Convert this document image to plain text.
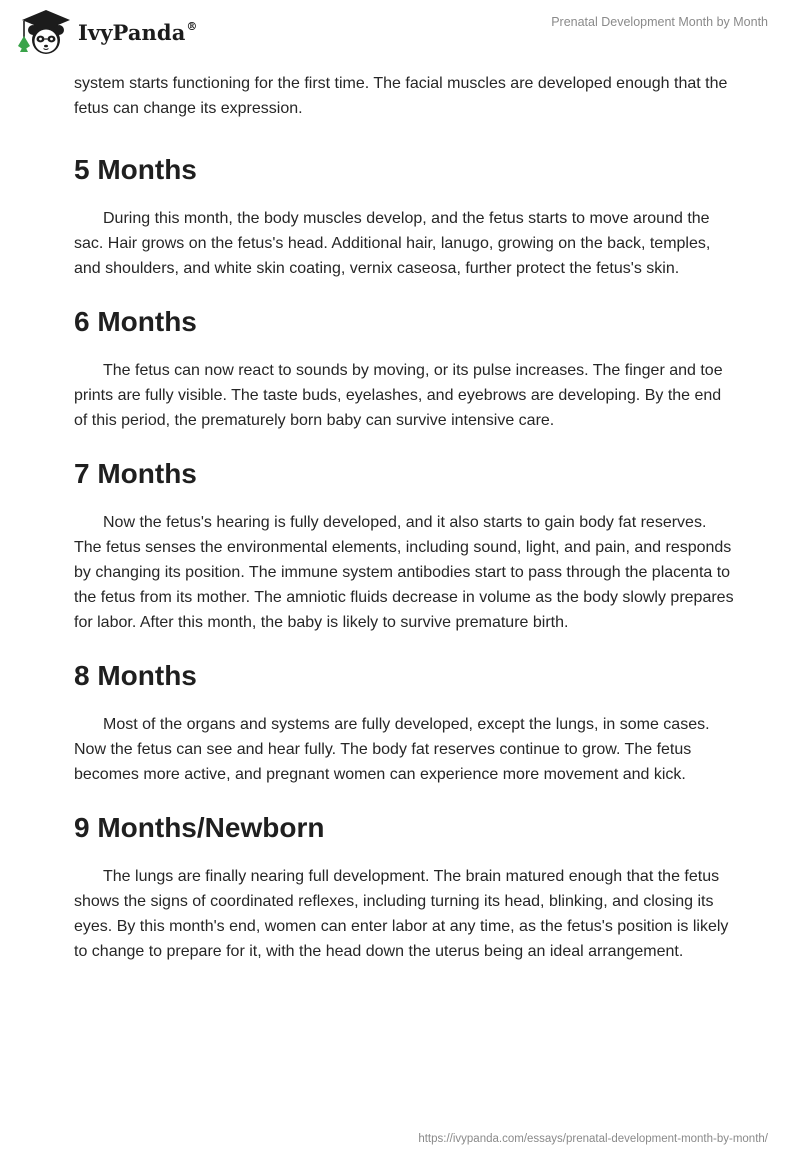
IvyPanda®	Prenatal Development Month by Month

system starts functioning for the first time. The facial muscles are developed enough that the fetus can change its expression.

5 Months

During this month, the body muscles develop, and the fetus starts to move around the sac. Hair grows on the fetus's head. Additional hair, lanugo, growing on the back, temples, and shoulders, and white skin coating, vernix caseosa, further protect the fetus's skin.

6 Months

The fetus can now react to sounds by moving, or its pulse increases. The finger and toe prints are fully visible. The taste buds, eyelashes, and eyebrows are developing. By the end of this period, the prematurely born baby can survive intensive care.

7 Months

Now the fetus's hearing is fully developed, and it also starts to gain body fat reserves. The fetus senses the environmental elements, including sound, light, and pain, and responds by changing its position. The immune system antibodies start to pass through the placenta to the fetus from its mother. The amniotic fluids decrease in volume as the body slowly prepares for labor. After this month, the baby is likely to survive premature birth.

8 Months

Most of the organs and systems are fully developed, except the lungs, in some cases. Now the fetus can see and hear fully. The body fat reserves continue to grow. The fetus becomes more active, and pregnant women can experience more movement and kick.

9 Months/Newborn

The lungs are finally nearing full development. The brain matured enough that the fetus shows the signs of coordinated reflexes, including turning its head, blinking, and closing its eyes. By this month's end, women can enter labor at any time, as the fetus's position is likely to change to prepare for it, with the head down the uterus being an ideal arrangement.

https://ivypanda.com/essays/prenatal-development-month-by-month/
